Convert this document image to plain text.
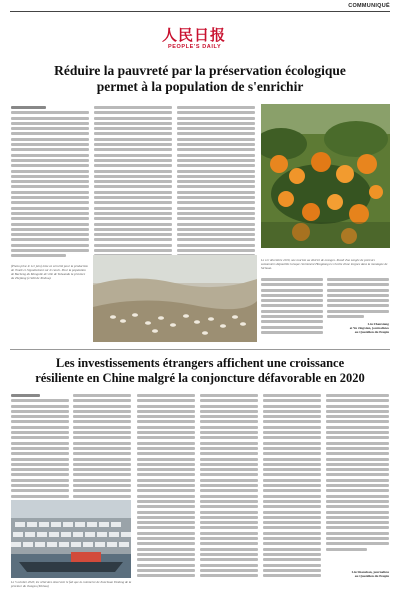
COMMUNIQUÉ
人民日报
PEOPLE'S DAILY
Réduire la pauvreté par la préservation écologique
permet à la population de s'enrichir
(Photo prise le 1er juin) mise en sécurité pour la production de l'huile et l'égouttement sur le ranch. Pour la population de Bacheng du Mongolie de ville de Taiwandu la province du Zhejiang (crédit de Xinhua).
Le 1er décembre 2019, une touriste au district de oranges. Xiaoli Zoo sengée de porteurs saisonniers dépouillés lorsque récemment Hongkong Le récolte d'une lorgnes dans la montagne de Sichuan.
Liu Zhenxiang
et Yu Jingxian, journalistes
au Quotidien du Peuple
Les investissements étrangers affichent une croissance
résiliente en Chine malgré la conjoncture défavorable en 2020
Le 5 octobre 2020, les véhicules observent le fait que la commerce de Zunchuan Tiedong de la province du Jiangsu (Xinhua)
Liu Shanshan, journaliste
au Quotidien du Peuple
